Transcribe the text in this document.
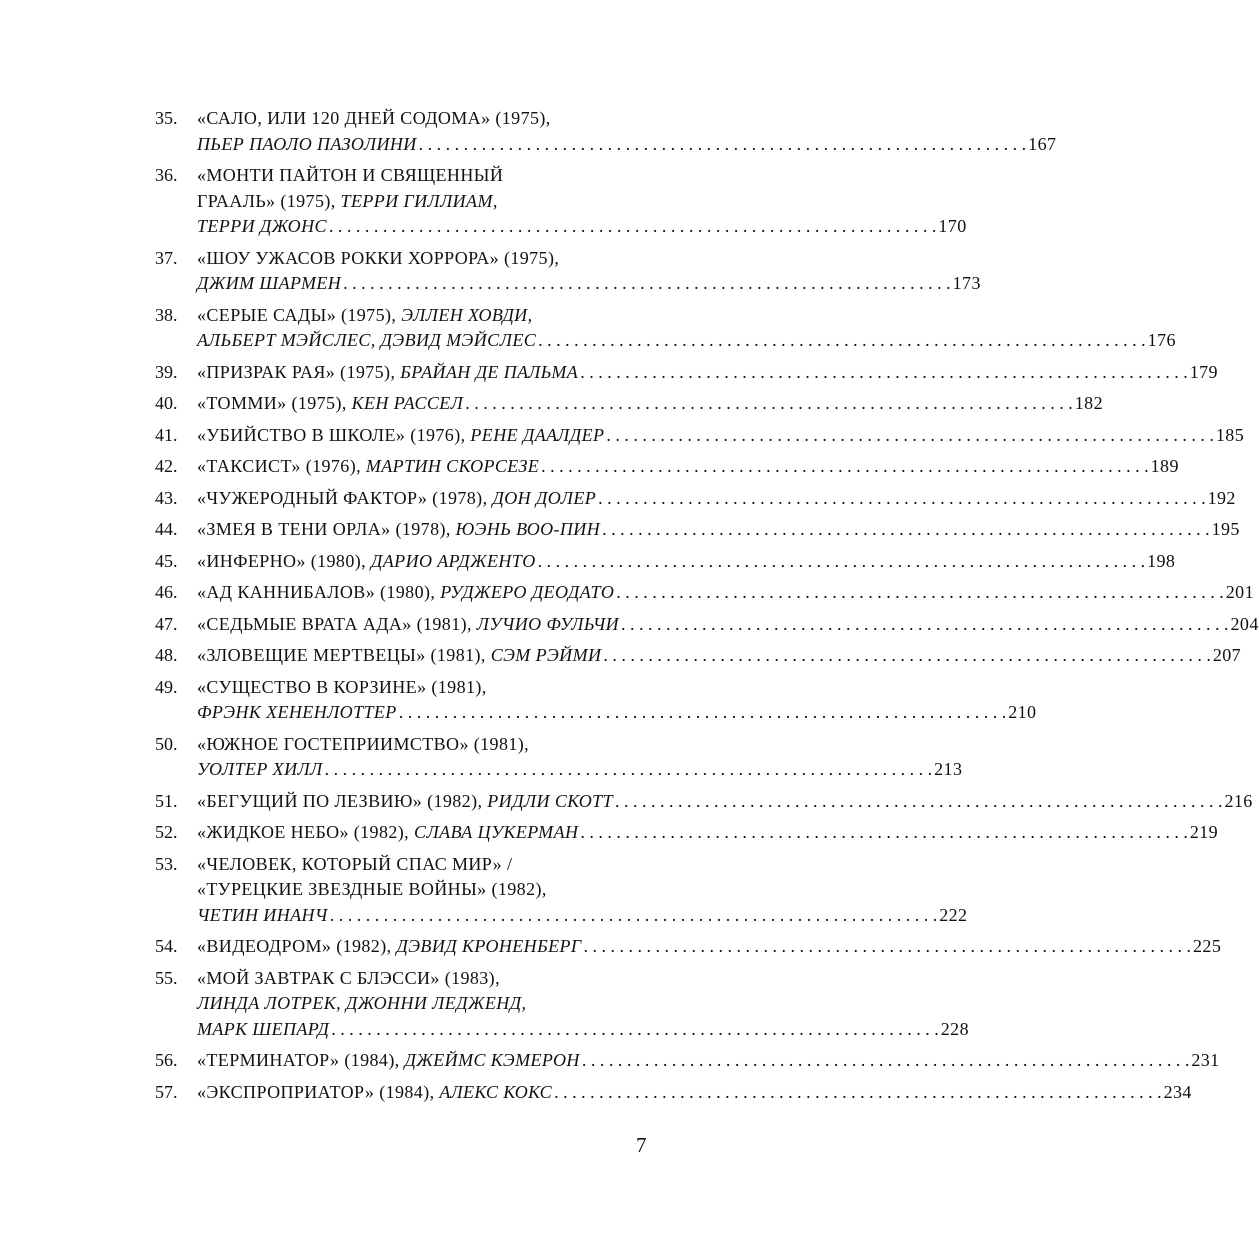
35.	«САЛО, ИЛИ 120 ДНЕЙ СОДОМА» (1975),
ПЬЕР ПАОЛО ПАЗОЛИНИ . . .	167
36.	«МОНТИ ПАЙТОН И СВЯЩЕННЫЙ
ГРААЛЬ» (1975), ТЕРРИ ГИЛЛИАМ,
ТЕРРИ ДЖОНС . . .	170
37.	«ШОУ УЖАСОВ РОККИ ХОРРОРА» (1975),
ДЖИМ ШАРМЕН . . .	173
38.	«СЕРЫЕ САДЫ» (1975), ЭЛЛЕН ХОВДИ,
АЛЬБЕРТ МЭЙСЛЕС, ДЭВИД МЭЙСЛЕС . . .	176
39.	«ПРИЗРАК РАЯ» (1975), БРАЙАН ДЕ ПАЛЬМА . . .	179
40.	«ТОММИ» (1975), КЕН РАССЕЛ . . .	182
41.	«УБИЙСТВО В ШКОЛЕ» (1976), РЕНЕ ДААЛДЕР . . .	185
42.	«ТАКСИСТ» (1976), МАРТИН СКОРСЕЗЕ . . .	189
43.	«ЧУЖЕРОДНЫЙ ФАКТОР» (1978), ДОН ДОЛЕР . . .	192
44.	«ЗМЕЯ В ТЕНИ ОРЛА» (1978), ЮЭНЬ ВОО-ПИН . . .	195
45.	«ИНФЕРНО» (1980), ДАРИО АРДЖЕНТО . . .	198
46.	«АД КАННИБАЛОВ» (1980), РУДЖЕРО ДЕОДАТО . . .	201
47.	«СЕДЬМЫЕ ВРАТА АДА» (1981), ЛУЧИО ФУЛЬЧИ . . .	204
48.	«ЗЛОВЕЩИЕ МЕРТВЕЦЫ» (1981), СЭМ РЭЙМИ . . .	207
49.	«СУЩЕСТВО В КОРЗИНЕ» (1981),
ФРЭНК ХЕНЕНЛОТТЕР . . .	210
50.	«ЮЖНОЕ ГОСТЕПРИИМСТВО» (1981),
УОЛТЕР ХИЛЛ . . .	213
51.	«БЕГУЩИЙ ПО ЛЕЗВИЮ» (1982), РИДЛИ СКОТТ . . .	216
52.	«ЖИДКОЕ НЕБО» (1982), СЛАВА ЦУКЕРМАН . . .	219
53.	«ЧЕЛОВЕК, КОТОРЫЙ СПАС МИР» /
«ТУРЕЦКИЕ ЗВЕЗДНЫЕ ВОЙНЫ» (1982),
ЧЕТИН ИНАНЧ . . .	222
54.	«ВИДЕОДРОМ» (1982), ДЭВИД КРОНЕНБЕРГ . . .	225
55.	«МОЙ ЗАВТРАК С БЛЭССИ» (1983),
ЛИНДА ЛОТРЕК, ДЖОННИ ЛЕДЖЕНД,
МАРК ШЕПАРД . . .	228
56.	«ТЕРМИНАТОР» (1984), ДЖЕЙМС КЭМЕРОН . . .	231
57.	«ЭКСПРОПРИАТОР» (1984), АЛЕКС КОКС . . .	234
7
